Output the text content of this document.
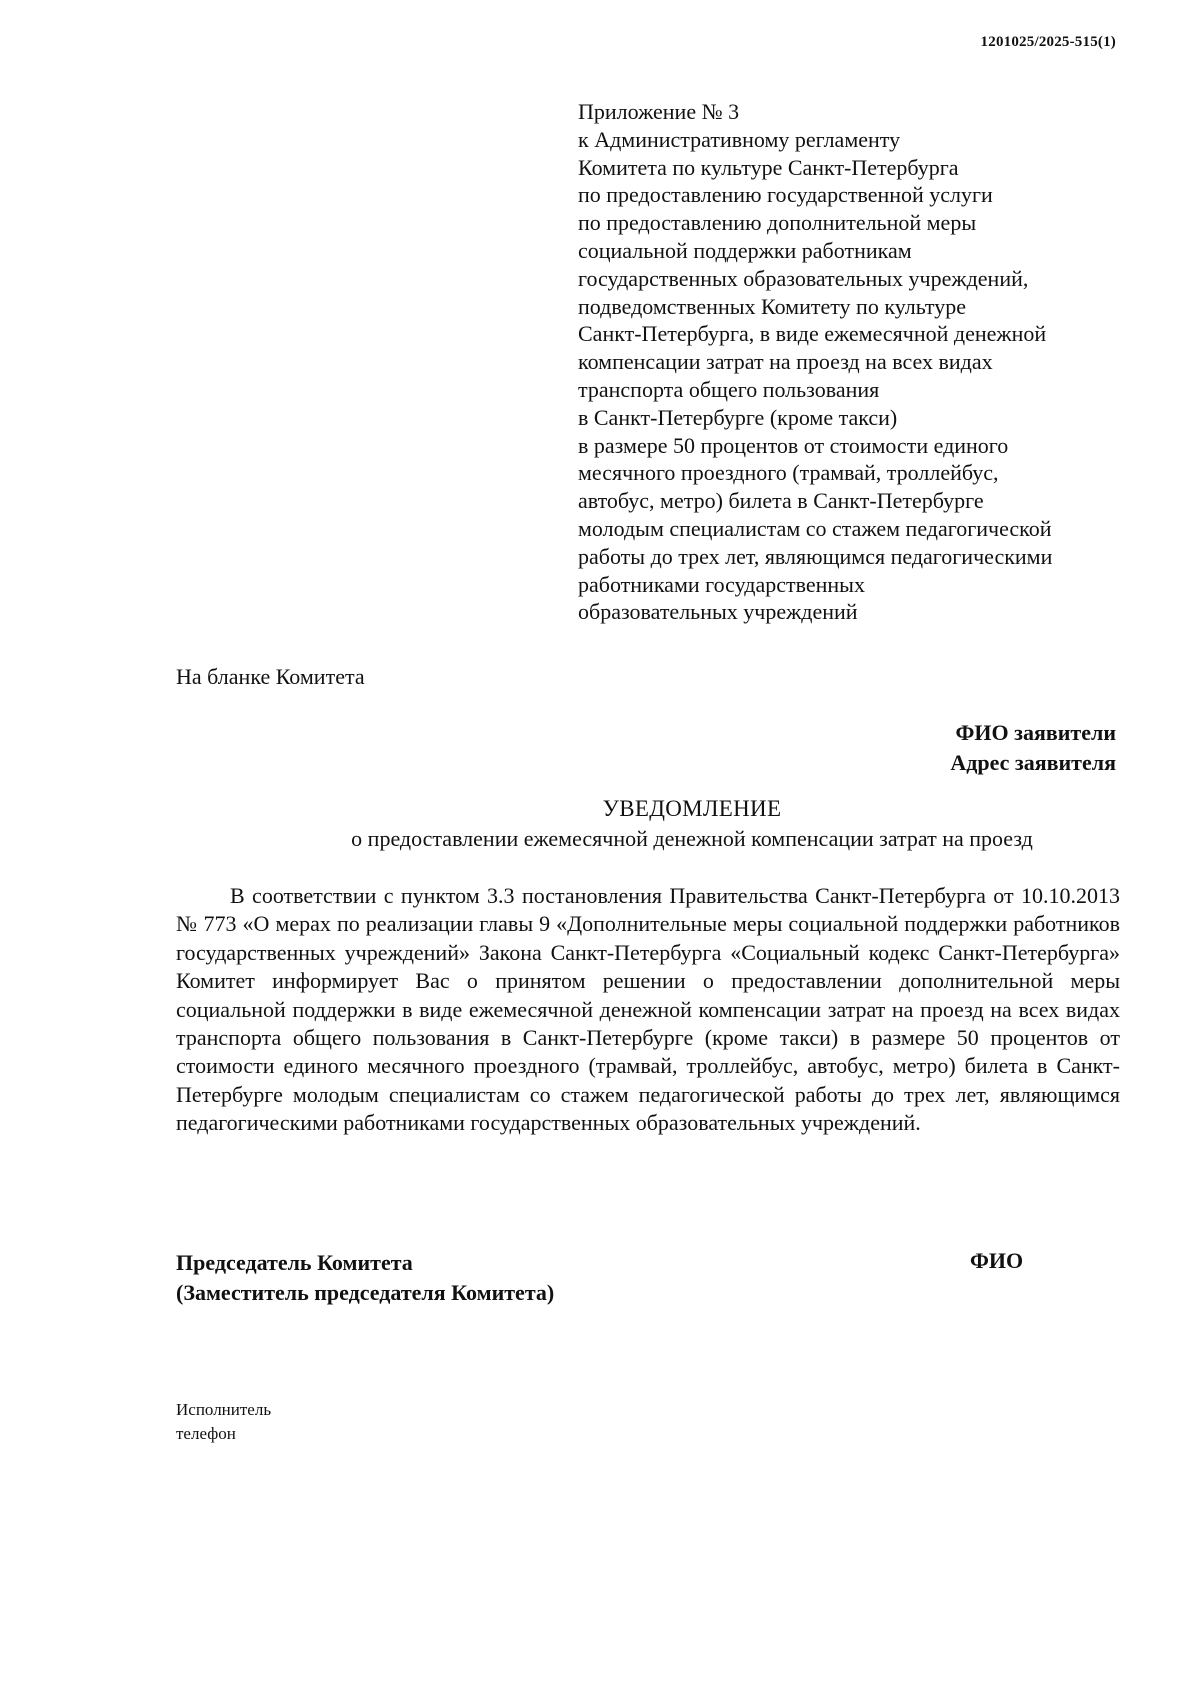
1201025/2025-515(1)
Приложение № 3
к Административному регламенту
Комитета по культуре Санкт-Петербурга
по предоставлению государственной услуги
по предоставлению дополнительной меры
социальной поддержки работникам
государственных образовательных учреждений,
подведомственных Комитету по культуре
Санкт-Петербурга, в виде ежемесячной денежной
компенсации затрат на проезд на всех видах
транспорта общего пользования
в Санкт-Петербурге (кроме такси)
в размере 50 процентов от стоимости единого
месячного проездного (трамвай, троллейбус,
автобус, метро) билета в Санкт-Петербурге
молодым специалистам со стажем педагогической
работы до трех лет, являющимся педагогическими
работниками государственных
образовательных учреждений
На бланке Комитета
ФИО заявители
Адрес заявителя
УВЕДОМЛЕНИЕ
о предоставлении ежемесячной денежной компенсации затрат на проезд

В соответствии с пунктом 3.3 постановления Правительства Санкт-Петербурга от 10.10.2013 № 773 «О мерах по реализации главы 9 «Дополнительные меры социальной поддержки работников государственных учреждений» Закона Санкт-Петербурга «Социальный кодекс Санкт-Петербурга» Комитет информирует Вас о принятом решении о предоставлении дополнительной меры социальной поддержки в виде ежемесячной денежной компенсации затрат на проезд на всех видах транспорта общего пользования в Санкт-Петербурге (кроме такси) в размере 50 процентов от стоимости единого месячного проездного (трамвай, троллейбус, автобус, метро) билета в Санкт-Петербурге молодым специалистам со стажем педагогической работы до трех лет, являющимся педагогическими работниками государственных образовательных учреждений.

Председатель Комитета
(Заместитель председателя Комитета)
ФИО
Исполнитель
телефон
